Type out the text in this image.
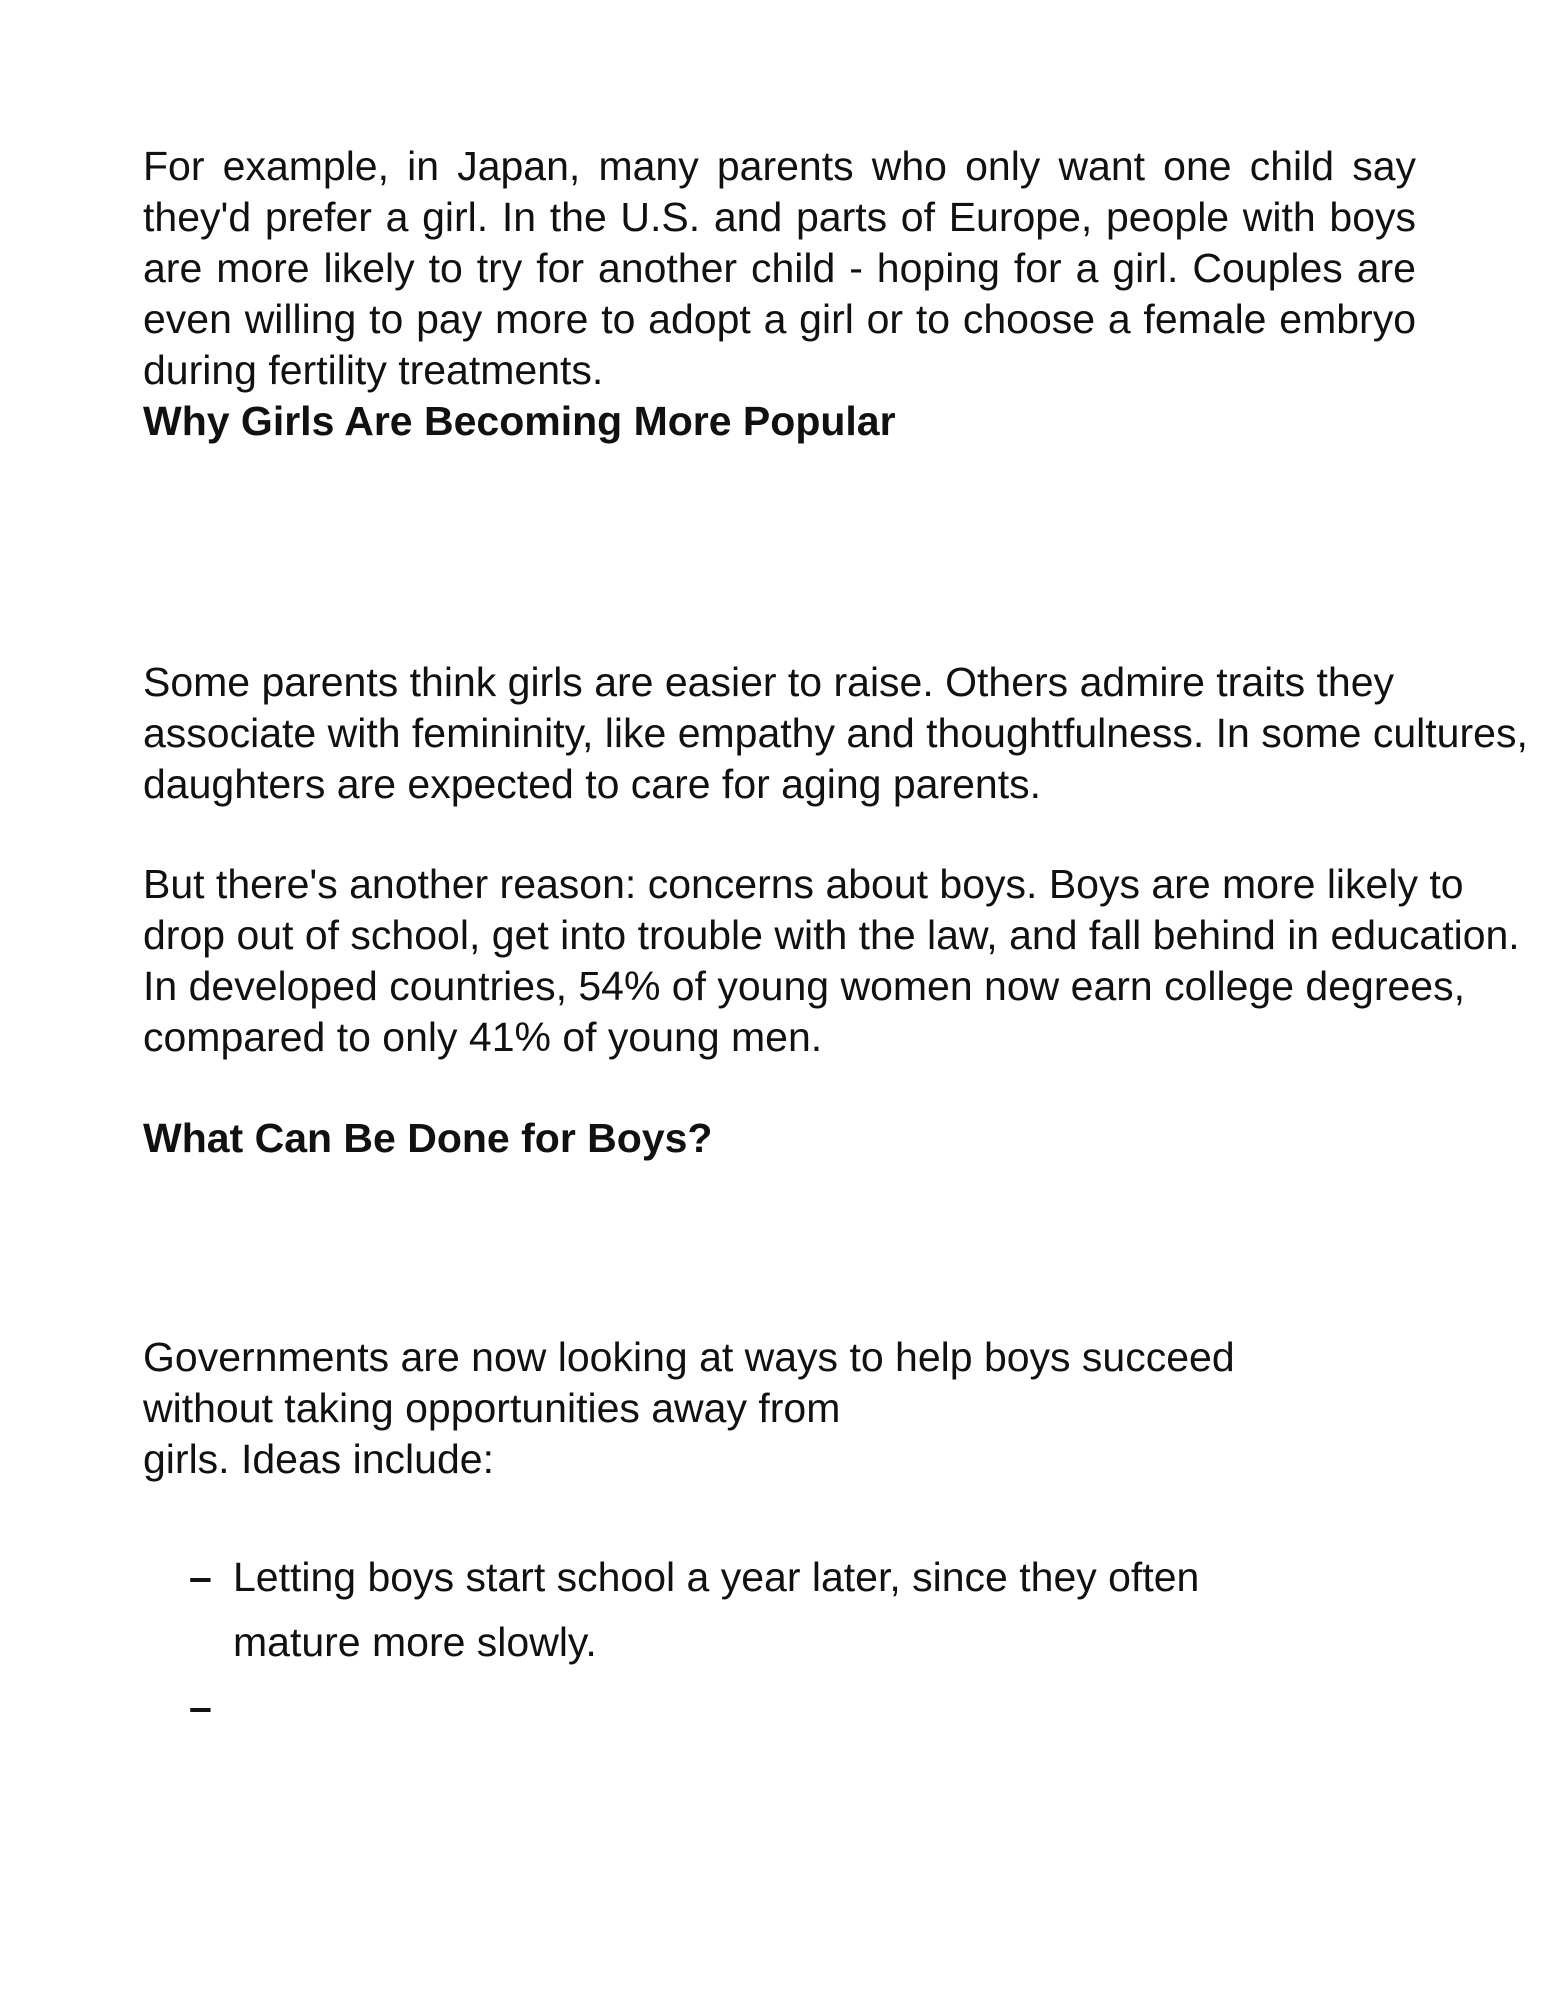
For example, in Japan, many parents who only want one child say they'd prefer a girl. In the U.S. and parts of Europe, people with boys are more likely to try for another child - hoping for a girl. Couples are even willing to pay more to adopt a girl or to choose a female embryo during fertility treatments.

Why Girls Are Becoming More Popular

Some parents think girls are easier to raise. Others admire traits they associate with femininity, like empathy and thoughtfulness. In some cultures, daughters are expected to care for aging parents.

But there's another reason: concerns about boys. Boys are more likely to drop out of school, get into trouble with the law, and fall behind in education. In developed countries, 54% of young women now earn college degrees, compared to only 41% of young men.

What Can Be Done for Boys?
Governments are now looking at ways to help boys succeed
without taking opportunities away from
girls. Ideas include:
– Letting boys start school a year later, since they often
mature more slowly.
–
